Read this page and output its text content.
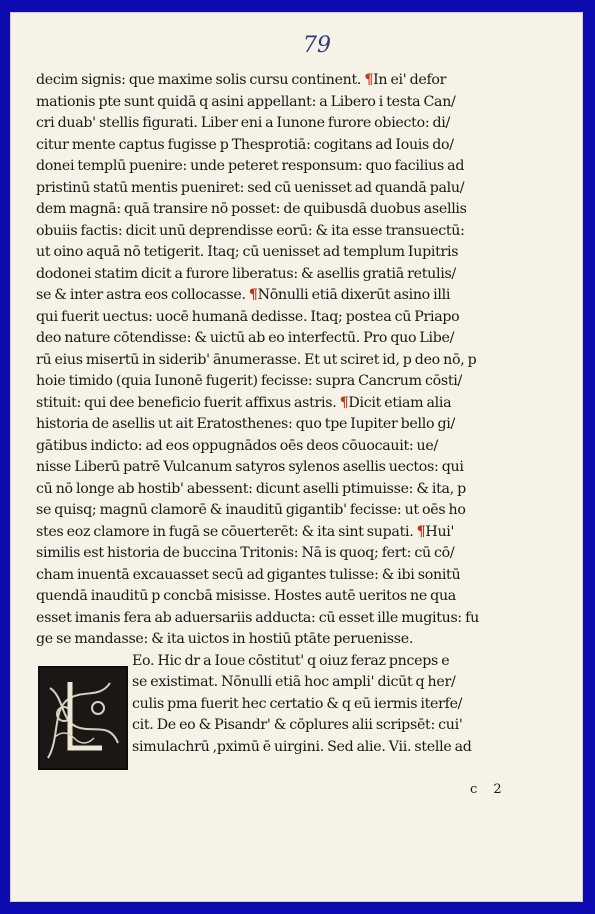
79
decim signis: que maxime solis cursu continent. ¶In ei' defor
mationis pte sunt quidā q asini appellant: a Libero i testa Can/
cri duab' stellis figurati. Liber eni a Iunone furore obiecto: di/
citur mente captus fugisse p Thesprotiā: cogitans ad Iouis do/
donei templū puenire: unde peteret responsum: quo facilius ad
pristinū statū mentis pueniret: sed cū uenisset ad quandā palu/
dem magnā: quā transire nō posset: de quibusdā duobus asellis
obuiis factis: dicit unū deprendisse eorū: & ita esse transuectū:
ut oino aquā nō tetigerit. Itaq; cū uenisset ad templum Iupitris
dodonei statim dicit a furore liberatus: & asellis gratiā retulis/
se & inter astra eos collocasse. ¶Nōnulli etiā dixerūt asino illi
qui fuerit uectus: uocē humanā dedisse. Itaq; postea cū Priapo
deo nature cōtendisse: & uictū ab eo interfectū. Pro quo Libe/
rū eius misertū in siderib' ānumerasse. Et ut sciret id, p deo nō, p
hoie timido (quia Iunonē fugerit) fecisse: supra Cancrum cōsti/
stituit: qui dee beneficio fuerit affixus astris. ¶Dicit etiam alia
historia de asellis ut ait Eratosthenes: quo tpe Iupiter bello gi/
gātibus indicto: ad eos oppugnādos oēs deos cōuocauit: ue/
nisse Liberū patrē Vulcanum satyros sylenos asellis uectos: qui
cū nō longe ab hostib' abessent: dicunt aselli ptimuisse: & ita, p
se quisq; magnū clamorē & inauditū gigantib' fecisse: ut oēs ho
stes eoz clamore in fugā se cōuerterēt: & ita sint supati. ¶Hui'
similis est historia de buccina Tritonis: Nā is quoq; fert: cū cō/
cham inuentā excauasset secū ad gigantes tulisse: & ibi sonitū
quendā inauditū p concbā misisse. Hostes autē ueritos ne qua
esset imanis fera ab aduersariis adducta: cū esset ille mugitus: fu
ge se mandasse: & ita uictos in hostiū ptāte peruenisse.
Eo. Hic dr a Ioue cōstitut' q oiuz feraz pnceps e
se existimat. Nōnulli etiā hoc ampli' dicūt q her/
culis pma fuerit hec certatio & q eū iermis iterfe/
cit. De eo & Pisandr' & cōplures alii scripsēt: cui'
simulachrū ,pximū ē uirgini. Sed alie. Vii. stelle ad
c 2
